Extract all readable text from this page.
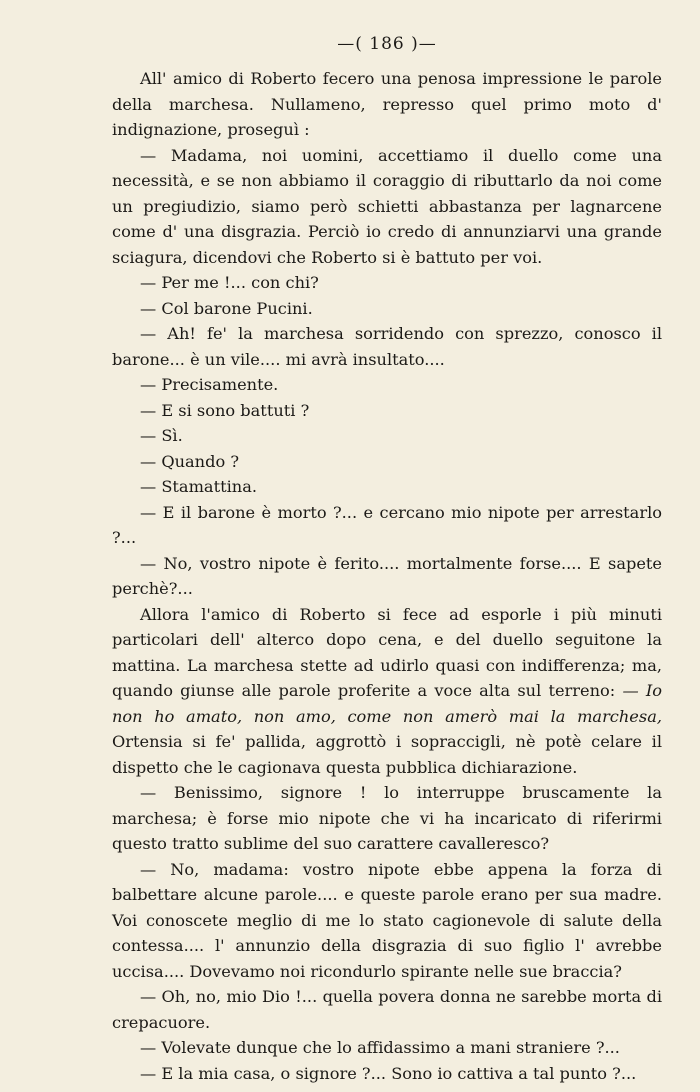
—( 186 )—

All' amico di Roberto fecero una penosa impressione le parole della marchesa. Nullameno, represso quel primo moto d' indignazione, proseguì :

— Madama, noi uomini, accettiamo il duello come una necessità, e se non abbiamo il coraggio di ributtarlo da noi come un pregiudizio, siamo però schietti abbastanza per lagnarcene come d' una disgrazia. Perciò io credo di annunziarvi una grande sciagura, dicendovi che Roberto si è battuto per voi.

— Per me !... con chi?

— Col barone Pucini.

— Ah! fe' la marchesa sorridendo con sprezzo, conosco il barone... è un vile.... mi avrà insultato....

— Precisamente.

— E si sono battuti ?

— Sì.

— Quando ?

— Stamattina.

— E il barone è morto ?... e cercano mio nipote per arrestarlo ?...

— No, vostro nipote è ferito.... mortalmente forse.... E sapete perchè?...

Allora l'amico di Roberto si fece ad esporle i più minuti particolari dell' alterco dopo cena, e del duello seguitone la mattina. La marchesa stette ad udirlo quasi con indifferenza; ma, quando giunse alle parole proferite a voce alta sul terreno: — Io non ho amato, non amo, come non amerò mai la marchesa, Ortensia si fe' pallida, aggrottò i sopraccigli, nè potè celare il dispetto che le cagionava questa pubblica dichiarazione.

— Benissimo, signore ! lo interruppe bruscamente la marchesa; è forse mio nipote che vi ha incaricato di riferirmi questo tratto sublime del suo carattere cavalleresco?

— No, madama: vostro nipote ebbe appena la forza di balbettare alcune parole.... e queste parole erano per sua madre. Voi conoscete meglio di me lo stato cagionevole di salute della contessa.... l' annunzio della disgrazia di suo figlio l' avrebbe uccisa.... Dovevamo noi ricondurlo spirante nelle sue braccia?

— Oh, no, mio Dio !... quella povera donna ne sarebbe morta di crepacuore.

— Volevate dunque che lo affidassimo a mani straniere ?...

— E la mia casa, o signore ?... Sono io cattiva a tal punto ?...
